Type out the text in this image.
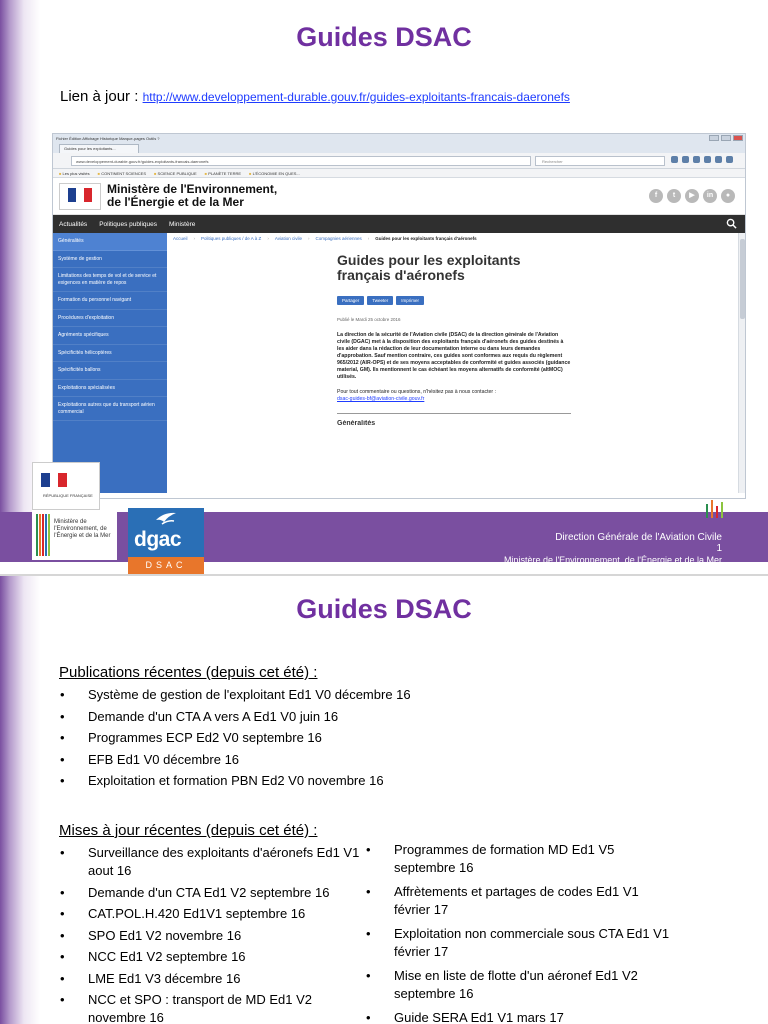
Guides DSAC
Lien à jour : http://www.developpement-durable.gouv.fr/guides-exploitants-francais-daeronefs
Fichier Édition Affichage Historique Marque-pages Outils ?
Guides pour les exploitants...
www.developpement-durable.gouv.fr/guides-exploitants-francais-daeronefs	Rechercher
■ Les plus visités	■ CONTINENT SCIENCES	■ SCIENCE PUBLIQUE	■ PLANÈTE TERRE	■ L'ÉCONOMIE EN QUES...
Ministère de l'Environnement,
de l'Énergie et de la Mer	f	t	▶	in	●
Actualités Politiques publiques Ministère
Généralités
Système de gestion
Limitations des temps de vol et de service et exigences en matière de repos
Formation du personnel navigant
Procédures d'exploitation
Agréments spécifiques
Spécificités hélicoptères
Spécificités ballons
Exploitations spécialisées
Exploitations autres que du transport aérien commercial
Accueil › Politiques publiques / de A à Z › Aviation civile › Compagnies aériennes › Guides pour les exploitants français d'aéronefs
Guides pour les exploitants
français d'aéronefs
Partager	Tweeter	Imprimer
Publié le Mardi 25 octobre 2016
La direction de la sécurité de l'Aviation civile (DSAC) de la direction générale de l'Aviation civile (DGAC) met à la disposition des exploitants français d'aéronefs des guides destinés à les aider dans la rédaction de leur documentation interne ou dans leurs demandes d'approbation. Sauf mention contraire, ces guides sont conformes aux requis du règlement 965/2012 (AIR-OPS) et de ses moyens acceptables de conformité et guides associés (guidance material, GM). Ils mentionnent le cas échéant les moyens alternatifs de conformité (altMOC) utilisés.
Pour tout commentaire ou questions, n'hésitez pas à nous contacter :
dsac-guides-bf@aviation-civile.gouv.fr
Généralités
RÉPUBLIQUE FRANÇAISE
Direction Générale de l'Aviation Civile
1
Ministère de l'Environnement, de l'Énergie et de la Mer
Ministère de l'Environnement, de l'Énergie et de la Mer	dgac
DSAC
Guides DSAC
Publications récentes (depuis cet été) :
• Système de gestion de l'exploitant Ed1 V0 décembre 16
• Demande d'un CTA A vers A Ed1 V0 juin 16
• Programmes ECP Ed2 V0 septembre 16
• EFB Ed1 V0 décembre 16
• Exploitation et formation PBN Ed2 V0 novembre 16
Mises à jour récentes (depuis cet été) :
• Surveillance des exploitants d'aéronefs Ed1 V1 aout 16
• Demande d'un CTA Ed1 V2 septembre 16
• CAT.POL.H.420 Ed1V1 septembre 16
• SPO Ed1 V2 novembre 16
• NCC Ed1 V2 septembre 16
• LME Ed1 V3 décembre 16
• NCC et SPO : transport de MD Ed1 V2 novembre 16
• Programmes de formation MD Ed1 V5 septembre 16
• Affrètements et partages de codes Ed1 V1 février 17
• Exploitation non commerciale sous CTA Ed1 V1 février 17
• Mise en liste de flotte d'un aéronef Ed1 V2 septembre 16
• Guide SERA Ed1 V1 mars 17
